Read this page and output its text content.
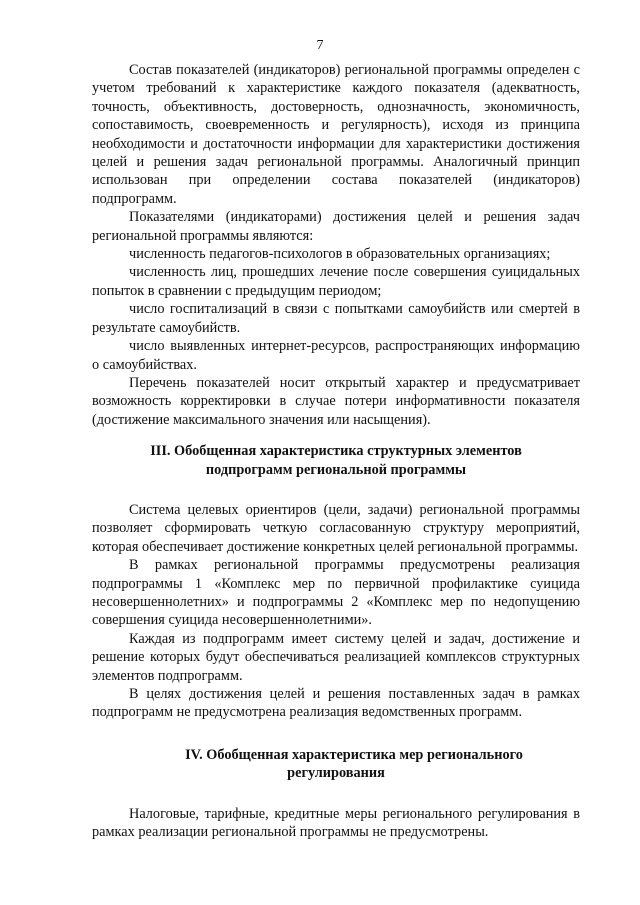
7

Состав показателей (индикаторов) региональной программы определен с учетом требований к характеристике каждого показателя (адекватность, точность, объективность, достоверность, однозначность, экономичность, сопоставимость, своевременность и регулярность), исходя из принципа необходимости и достаточности информации для характеристики достижения целей и решения задач региональной программы. Аналогичный принцип использован при определении состава показателей (индикаторов) подпрограмм.

Показателями (индикаторами) достижения целей и решения задач региональной программы являются:

численность педагогов-психологов в образовательных организациях;

численность лиц, прошедших лечение после совершения суицидальных попыток в сравнении с предыдущим периодом;

число госпитализаций в связи с попытками самоубийств или смертей в результате самоубийств.

число выявленных интернет-ресурсов, распространяющих информацию о самоубийствах.

Перечень показателей носит открытый характер и предусматривает возможность корректировки в случае потери информативности показателя (достижение максимального значения или насыщения).

III. Обобщенная характеристика структурных элементов
подпрограмм региональной программы

Система целевых ориентиров (цели, задачи) региональной программы позволяет сформировать четкую согласованную структуру мероприятий, которая обеспечивает достижение конкретных целей региональной программы.

В рамках региональной программы предусмотрены реализация подпрограммы 1 «Комплекс мер по первичной профилактике суицида несовершеннолетних» и подпрограммы 2 «Комплекс мер по недопущению совершения суицида несовершеннолетними».

Каждая из подпрограмм имеет систему целей и задач, достижение и решение которых будут обеспечиваться реализацией комплексов структурных элементов подпрограмм.

В целях достижения целей и решения поставленных задач в рамках подпрограмм не предусмотрена реализация ведомственных программ.

IV. Обобщенная характеристика мер регионального
регулирования

Налоговые, тарифные, кредитные меры регионального регулирования в рамках реализации региональной программы не предусмотрены.
